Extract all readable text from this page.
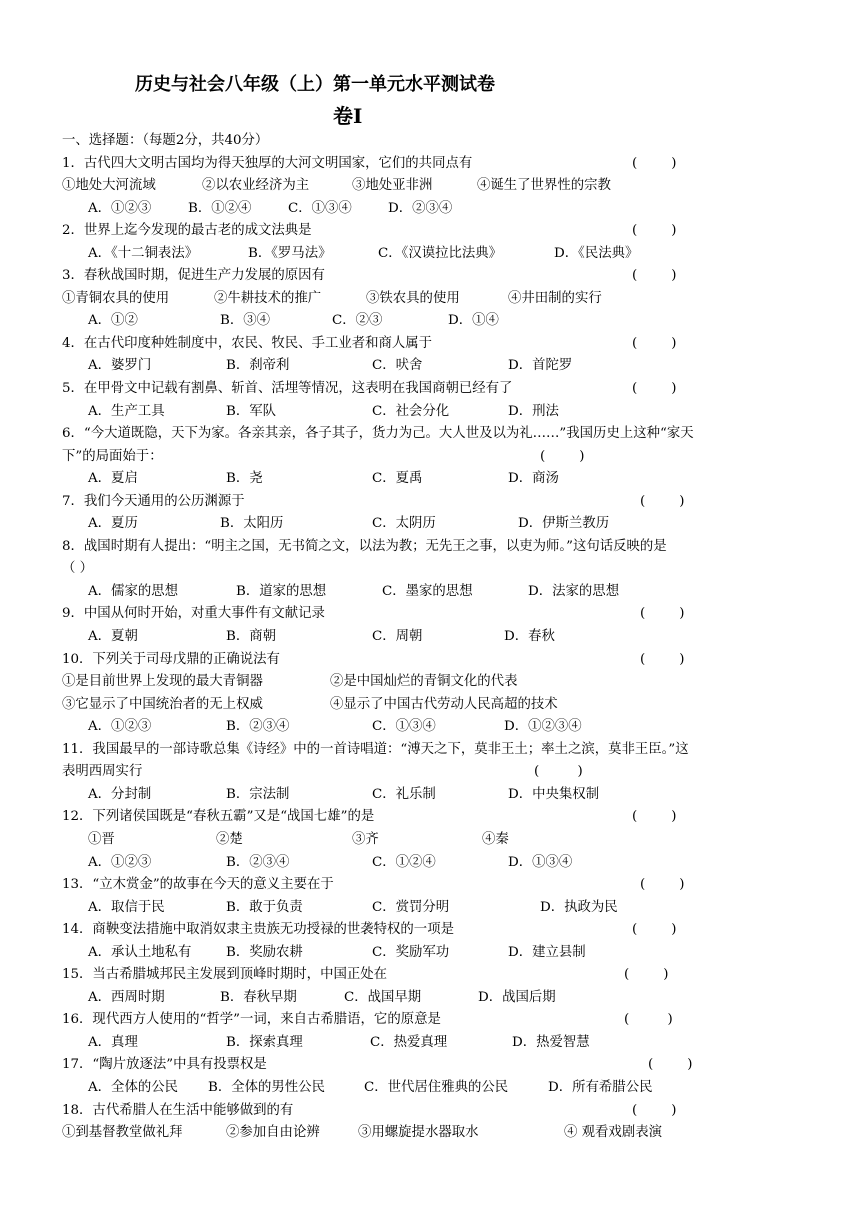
历史与社会八年级（上）第一单元水平测试卷
卷Ⅰ
一、选择题：（每题2分，共40分）
1．古代四大文明古国均为得天独厚的大河文明国家，它们的共同点有	(        )
①地处大河流域	②以农业经济为主	③地处亚非洲	④诞生了世界性的宗教
A．①②③	B．①②④	C．①③④	D．②③④
2．世界上迄今发现的最古老的成文法典是	(        )
A．《十二铜表法》	B．《罗马法》	C．《汉谟拉比法典》	D．《民法典》
3．春秋战国时期，促进生产力发展的原因有	(        )
①青铜农具的使用	②牛耕技术的推广	③铁农具的使用	④井田制的实行
A．①②	B．③④	C．②③	D．①④
4．在古代印度种姓制度中，农民、牧民、手工业者和商人属于	(        )
A．婆罗门	B．刹帝利	C．吠舍	D．首陀罗
5．在甲骨文中记载有割鼻、斩首、活埋等情况，这表明在我国商朝已经有了	(        )
A．生产工具	B．军队	C．社会分化	D．刑法
6．“今大道既隐，天下为家。各亲其亲，各子其子，货力为己。大人世及以为礼……”我国历史上这种“家天
下”的局面始于：	(        )
A．夏启	B．尧	C．夏禹	D．商汤
7．我们今天通用的公历渊源于	(        )
A．夏历	B．太阳历	C．太阴历	D．伊斯兰教历
8．战国时期有人提出：“明主之国，无书简之文，以法为教；无先王之事，以吏为师。”这句话反映的是
（ ）
A．儒家的思想	B．道家的思想	C．墨家的思想	D．法家的思想
9．中国从何时开始，对重大事件有文献记录	(        )
A．夏朝	B．商朝	C．周朝	D．春秋
10．下列关于司母戊鼎的正确说法有	(        )
①是目前世界上发现的最大青铜器	②是中国灿烂的青铜文化的代表
③它显示了中国统治者的无上权威	④显示了中国古代劳动人民高超的技术
A．①②③	B．②③④	C．①③④	D．①②③④
11．我国最早的一部诗歌总集《诗经》中的一首诗唱道：“溥天之下，莫非王土；率土之滨，莫非王臣。”这
表明西周实行	(         )
A．分封制	B．宗法制	C．礼乐制	D．中央集权制
12．下列诸侯国既是“春秋五霸”又是“战国七雄”的是	(        )
①晋	②楚	③齐	④秦
A．①②③	B．②③④	C．①②④	D．①③④
13．“立木赏金”的故事在今天的意义主要在于	(        )
A．取信于民	B．敢于负责	C．赏罚分明	D．执政为民
14．商鞅变法措施中取消奴隶主贵族无功授禄的世袭特权的一项是	(        )
A．承认土地私有	B．奖励农耕	C．奖励军功	D．建立县制
15．当古希腊城邦民主发展到顶峰时期时，中国正处在	(        )
A．西周时期	B．春秋早期	C．战国早期	D．战国后期
16．现代西方人使用的“哲学”一词，来自古希腊语，它的原意是	(         )
A．真理	B．探索真理	C．热爱真理	D．热爱智慧
17．“陶片放逐法”中具有投票权是	(        )
A．全体的公民 B．全体的男性公民	C．世代居住雅典的公民	D．所有希腊公民
18．古代希腊人在生活中能够做到的有	(        )
①到基督教堂做礼拜	②参加自由论辨	③用螺旋提水器取水	④ 观看戏剧表演
